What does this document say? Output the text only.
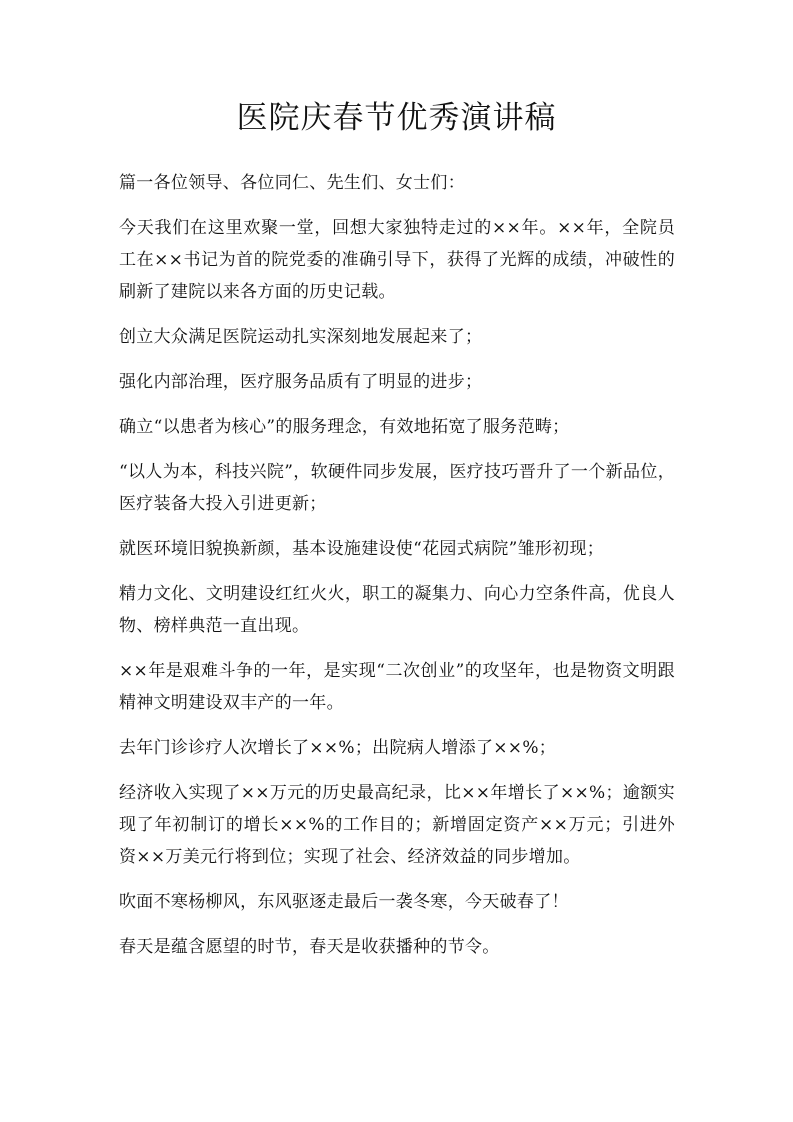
医院庆春节优秀演讲稿

篇一各位领导、各位同仁、先生们、女士们：

今天我们在这里欢聚一堂，回想大家独特走过的××年。××年，全院员工在××书记为首的院党委的准确引导下，获得了光辉的成绩，冲破性的刷新了建院以来各方面的历史记载。

创立大众满足医院运动扎实深刻地发展起来了；

强化内部治理，医疗服务品质有了明显的进步；

确立“以患者为核心”的服务理念，有效地拓宽了服务范畴；

“以人为本，科技兴院”，软硬件同步发展，医疗技巧晋升了一个新品位，医疗装备大投入引进更新；

就医环境旧貌换新颜，基本设施建设使“花园式病院”雏形初现；

精力文化、文明建设红红火火，职工的凝集力、向心力空条件高，优良人物、榜样典范一直出现。

××年是艰难斗争的一年，是实现“二次创业”的攻坚年，也是物资文明跟精神文明建设双丰产的一年。

去年门诊诊疗人次增长了××%；出院病人增添了××%；

经济收入实现了××万元的历史最高纪录，比××年增长了××%；逾额实现了年初制订的增长××%的工作目的；新增固定资产××万元；引进外资××万美元行将到位；实现了社会、经济效益的同步增加。

吹面不寒杨柳风，东风驱逐走最后一袭冬寒，今天破春了！

春天是蕴含愿望的时节，春天是收获播种的节令。
